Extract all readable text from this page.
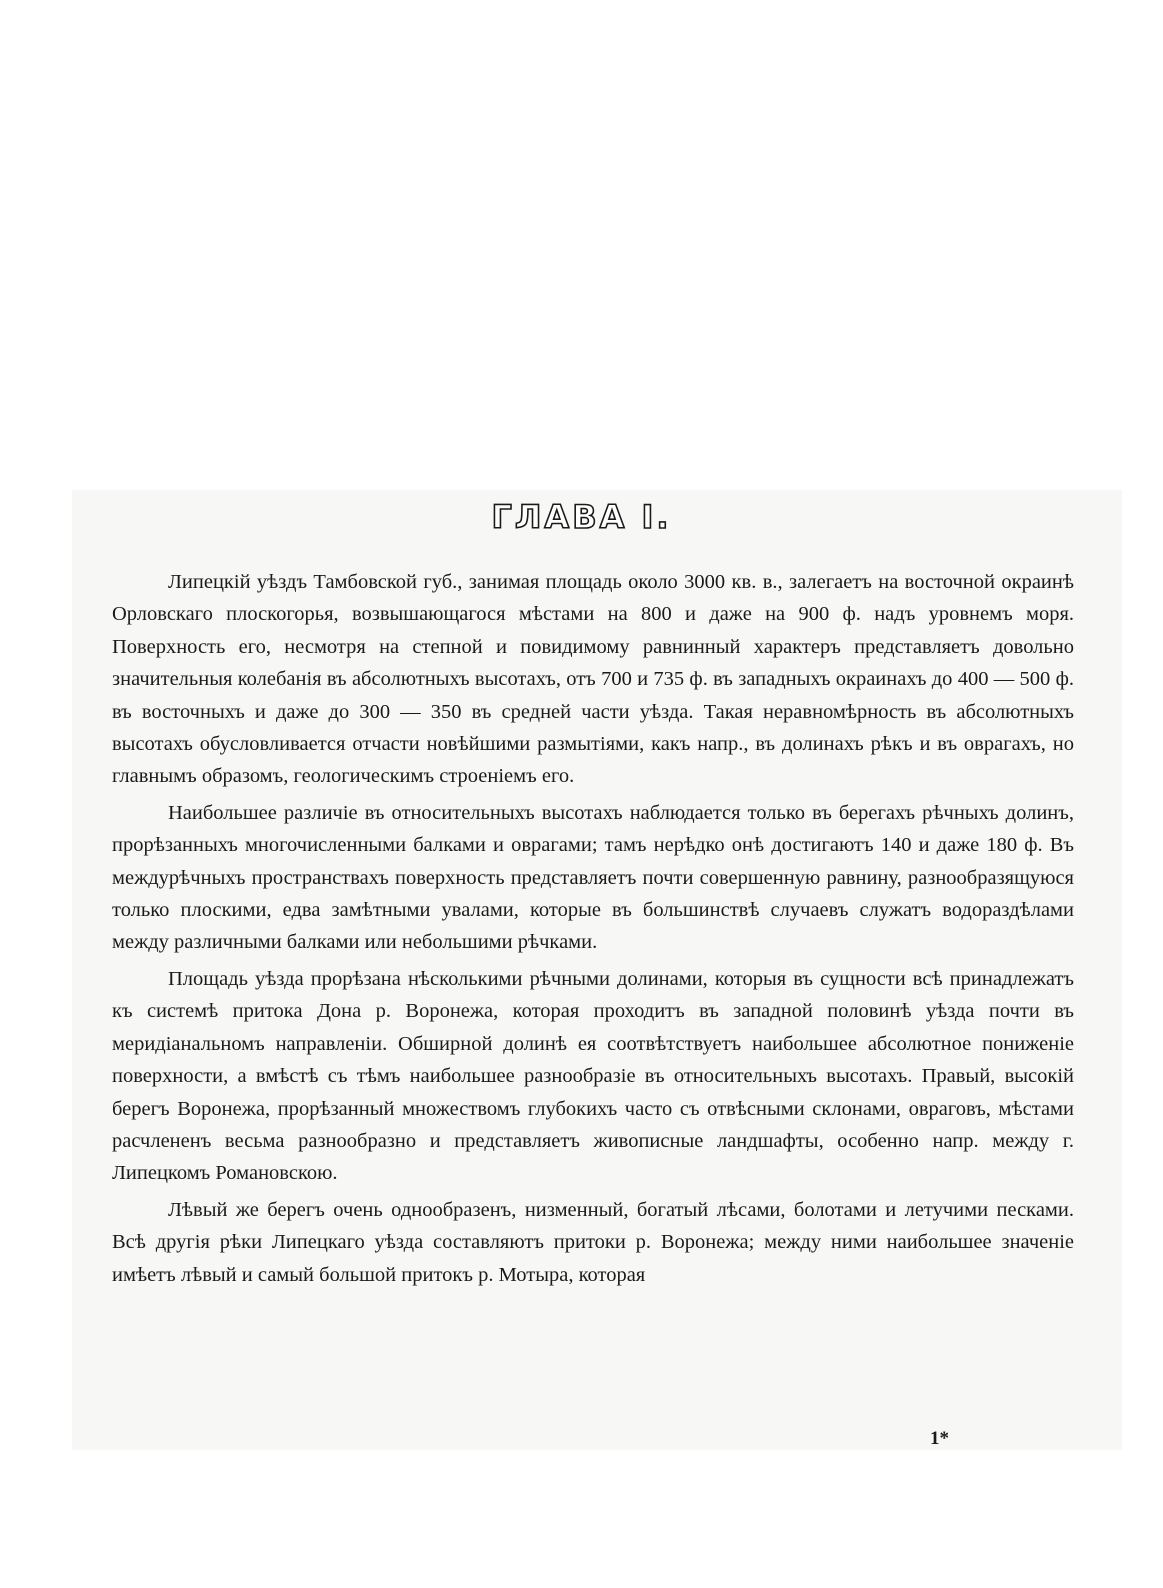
ГЛАВА I.

Липецкій уѣздъ Тамбовской губ., занимая площадь около 3000 кв. в., залегаетъ на восточной окраинѣ Орловскаго плоскогорья, возвышающагося мѣстами на 800 и даже на 900 ф. надъ уровнемъ моря. Поверхность его, несмотря на степной и повидимому равнинный характеръ представляетъ довольно значительныя колебанія въ абсолютныхъ высотахъ, отъ 700 и 735 ф. въ западныхъ окраинахъ до 400 — 500 ф. въ восточныхъ и даже до 300 — 350 въ средней части уѣзда. Такая неравномѣрность въ абсолютныхъ высотахъ обусловливается отчасти новѣйшими размытіями, какъ напр., въ долинахъ рѣкъ и въ оврагахъ, но главнымъ образомъ, геологическимъ строеніемъ его.

Наибольшее различіе въ относительныхъ высотахъ наблюдается только въ берегахъ рѣчныхъ долинъ, прорѣзанныхъ многочисленными балками и оврагами; тамъ нерѣдко онѣ достигаютъ 140 и даже 180 ф. Въ междурѣчныхъ пространствахъ поверхность представляетъ почти совершенную равнину, разнообразящуюся только плоскими, едва замѣтными увалами, которые въ большинствѣ случаевъ служатъ водораздѣлами между различными балками или небольшими рѣчками.

Площадь уѣзда прорѣзана нѣсколькими рѣчными долинами, которыя въ сущности всѣ принадлежатъ къ системѣ притока Дона р. Воронежа, которая проходитъ въ западной половинѣ уѣзда почти въ меридіанальномъ направленіи. Обширной долинѣ ея соотвѣтствуетъ наибольшее абсолютное пониженіе поверхности, а вмѣстѣ съ тѣмъ наибольшее разнообразіе въ относительныхъ высотахъ. Правый, высокій берегъ Воронежа, прорѣзанный множествомъ глубокихъ часто съ отвѣсными склонами, овраговъ, мѣстами расчлененъ весьма разнообразно и представляетъ живописные ландшафты, особенно напр. между г. Липецкомъ Романовскою.

Лѣвый же берегъ очень однообразенъ, низменный, богатый лѣсами, болотами и летучими песками. Всѣ другія рѣки Липецкаго уѣзда составляютъ притоки р. Воронежа; между ними наибольшее значеніе имѣетъ лѣвый и самый большой притокъ р. Мотыра, которая

1*
